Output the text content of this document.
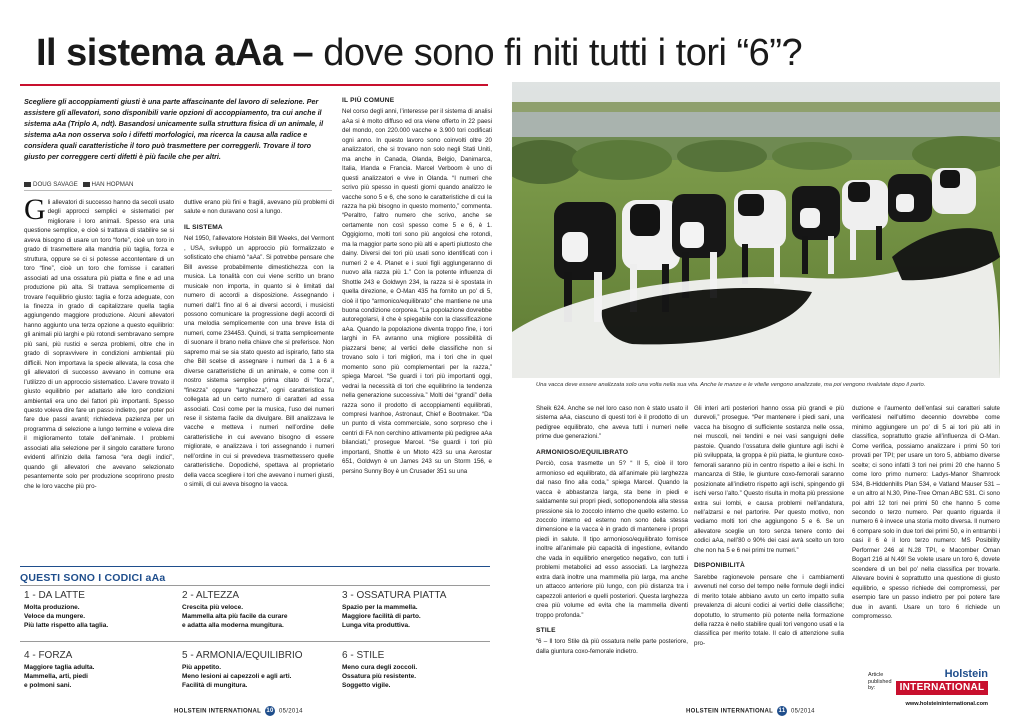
Il sistema aAa – dove sono fi niti tutti i tori “6”?
Scegliere gli accoppiamenti giusti è una parte affascinante del lavoro di selezione. Per assistere gli allevatori, sono disponibili varie opzioni di accoppiamento, tra cui anche il sistema aAa (Triplo A, ndt). Basandosi unicamente sulla struttura fisica di un animale, il sistema aAa non osserva solo i difetti morfologici, ma ricerca la causa alla radice e considera quali caratteristiche il toro può trasmettere per correggerli. Trovare il toro giusto per correggere certi difetti è più facile che per altri.
DOUG SAVAGE HAN HOPMAN
Gli allevatori di successo hanno da secoli usato degli approcci semplici e sistematici per migliorare i loro animali. Spesso era una questione semplice, e cioè si trattava di stabilire se si aveva bisogno di usare un toro “forte”, cioè un toro in grado di trasmettere alla mandria più taglia, forza e struttura, oppure se ci si potesse accontentare di un toro “fine”, cioè un toro che fornisse i caratteri associati ad una ossatura più piatta e fine e ad una produzione più alta. Si trattava semplicemente di trovare l’equilibrio giusto: taglia e forza adeguate, con la finezza in grado di capitalizzare quella taglia aggiungendo maggiore produzione. Alcuni allevatori hanno aggiunto una terza opzione a questo equilibrio: gli animali più larghi e più rotondi sembravano sempre più sani, più rustici e senza problemi, oltre che in grado di sopravvivere in condizioni ambientali più difficili. Non importava la specie allevata, la cosa che gli allevatori di successo avevano in comune era l’utilizzo di un approccio sistematico. L’avere trovato il giusto equilibrio per adattarlo alle loro condizioni ambientali era uno dei fattori più importanti. Spesso questo voleva dire fare un passo indietro, per poter poi fare due passi avanti; richiedeva pazienza per un programma di selezione a lungo termine e voleva dire il miglioramento totale dell’animale. I problemi associati alla selezione per il singolo carattere furono evidenti all’inizio della famosa “era degli indici”, quando gli allevatori che avevano selezionato pesantemente solo per produzione scoprirono presto che le loro vacche più pro-

duttive erano più fini e fragili, avevano più problemi di salute e non duravano così a lungo.

IL SISTEMA

Nel 1950, l’allevatore Holstein Bill Weeks, del Vermont , USA, sviluppò un approccio più formalizzato e sofisticato che chiamò “aAa”. Si potrebbe pensare che Bill avesse probabilmente dimestichezza con la musica. La tonalità con cui viene scritto un brano musicale non importa, in quanto si è limitati dal numero di accordi a disposizione. Assegnando i numeri dall’1 fino al 6 ai diversi accordi, i musicisti possono comunicare la progressione degli accordi di una melodia semplicemente con una breve lista di numeri, come 234453. Quindi, si tratta semplicemente di suonare il brano nella chiave che si preferisce. Non sapremo mai se sia stato questo ad ispirarlo, fatto sta che Bill scelse di assegnare i numeri da 1 a 6 a diverse caratteristiche di un animale, e come con il nostro sistema semplice prima citato di “forza”, “finezza” oppure “larghezza”, ogni caratteristica fu collegata ad un certo numero di caratteri ad essa associati. Così come per la musica, l’uso dei numeri rese il sistema facile da divulgare. Bill analizzava le vacche e metteva i numeri nell’ordine delle caratteristiche in cui avevano bisogno di essere migliorate, e analizzava i tori assegnando i numeri nell’ordine in cui si prevedeva trasmettessero quelle caratteristiche. Dopodiché, spettava al proprietario della vacca scegliere i tori che avevano i numeri giusti, o simili, di cui aveva bisogno la vacca.

IL PIÙ COMUNE

Nel corso degli anni, l’interesse per il sistema di analisi aAa si è molto diffuso ed ora viene offerto in 22 paesi del mondo, con 220.000 vacche e 3.900 tori codificati ogni anno. In questo lavoro sono coinvolti oltre 20 analizzatori, che si trovano non solo negli Stati Uniti, ma anche in Canada, Olanda, Belgio, Danimarca, Italia, Irlanda e Francia. Marcel Verboom è uno di questi analizzatori e vive in Olanda. “I numeri che scrivo più spesso in questi giorni quando analizzo le vacche sono 5 e 6, che sono le caratteristiche di cui la razza ha più bisogno in questo momento,” commenta. “Peraltro, l’altro numero che scrivo, anche se certamente non così spesso come 5 e 6, è 1. Oggigiorno, molti tori sono più angolosi che rotondi, ma la maggior parte sono più alti e aperti piuttosto che dainy. Diversi dei tori più usati sono identificati con i numeri 2 e 4. Planet e i suoi figli agglungeranno di nuovo alla razza più 1.” Con la potente influenza di Shottle 243 e Goldwyn 234, la razza si è spostata in quella direzione, e O-Man 435 ha fornito un po’ di 5, cioè il tipo “armonico/equilibrato” che mantiene ne una buona condizione corporea. “La popolazione dovrebbe autoregolarsi, il che è spiegabile con la classificazione aAa. Quando la popolazione diventa troppo fine, i tori larghi in FA avranno una migliore possibilità di piazzarsi bene; al vertici delle classifiche non si trovano solo i tori migliori, ma i tori che in quel momento sono più complementari per la razza,” spiega Marcel. “Se guardi i tori più importanti oggi, vedrai la necessità di tori che equilibrino la tendenza nella generazione successiva.” Molti dei “grandi” della razza sono il prodotto di accoppiamenti equilibrati, compresi Ivanhoe, Astronaut, Chief e Bootmaker. “Da un punto di vista commerciale, sono sorpreso che i centri di FA non cerchino attivamente più pedigree aAa bilanciati,” prosegue Marcel. “Se guardi i tori più importanti, Shottle è un Mtoto 423 su una Aerostar 651, Goldwyn è un James 243 su un Storm 156, e persino Sunny Boy è un Crusader 351 su una

QUESTI SONO I CODICI aAa
1 - DA LATTE
Molta produzione.
Veloce da mungere.
Più latte rispetto alla taglia.
2 - ALTEZZA
Crescita più veloce.
Mammella alta più facile da curare
e adatta alla moderna mungitura.
3 - OSSATURA PIATTA
Spazio per la mammella.
Maggiore facilità di parto.
Lunga vita produttiva.
4 - FORZA
Maggiore taglia adulta.
Mammella, arti, piedi
e polmoni sani.
5 - ARMONIA/EQUILIBRIO
Più appetito.
Meno lesioni ai capezzoli e agli arti.
Facilità di mungitura.
6 - STILE
Meno cura degli zoccoli.
Ossatura più resistente.
Soggetto vigile.
HOLSTEIN INTERNATIONAL 10 05/2014
Una vacca deve essere analizzata solo una volta nella sua vita. Anche le manze e le vitelle vengono analizzate, ma poi vengono rivalutate dopo il parto.

Sheik 624. Anche se nel loro caso non è stato usato il sistema aAa, ciascuno di questi tori è il prodotto di un pedigree equilibrato, che aveva tutti i numeri nelle prime due generazioni.”

ARMONIOSO/EQUILIBRATO

Perciò, cosa trasmette un 5? “ Il 5, cioè il toro armonioso ed equilibrato, dà all’animale più larghezza dal naso fino alla coda,” spiega Marcel. Quando la vacca è abbastanza larga, sta bene in piedi e saldamente sui propri piedi, sottoponendola alla stessa pressione sia lo zoccolo interno che quello esterno. Lo zoccolo interno ed esterno non sono della stessa dimensione e la vacca è in grado di mantenere i propri piedi in salute. Il tipo armonioso/equilibrato fornisce inoltre all’animale più capacità di ingestione, evitando che vada in equilibrio energetico negativo, con tutti i problemi metabolici ad esso associati. La larghezza extra darà inoltre una mammella più larga, ma anche un attacco anteriore più lungo, con più distanza tra i capezzoli anteriori e quelli posteriori. Questa larghezza crea più volume ed evita che la mammella diventi troppo profonda.”

STILE

“6 – Il toro Stile dà più ossatura nelle parte posteriore, dalla giuntura coxo-femorale indietro.

Gli interi arti posteriori hanno ossa più grandi e più durevoli,” prosegue. “Per mantenere i piedi sani, una vacca ha bisogno di sufficiente sostanza nelle ossa, nei muscoli, nei tendini e nei vasi sanguigni delle pastoie. Quando l’ossatura delle giunture agli ischi è più sviluppata, la groppa è più piatta, le giunture coxo-femorali saranno più in centro rispetto a ilei e ischi. In mancanza di Stile, le giunture coxo-femorali saranno posizionate all’indietro rispetto agli ischi, spingendo gli ischi verso l’alto.” Questo risulta in molta più pressione extra sui lombi, e causa problemi nell’andatura, nell’alzarsi e nel partorire. Per questo motivo, non vediamo molti tori che aggiungono 5 e 6. Se un allevatore sceglie un toro senza tenere conto dei codici aAa, nell’80 o 90% dei casi avrà scelto un toro che non ha 5 e 6 nei primi tre numeri.”

DISPONIBILITÀ

Sarebbe ragionevole pensare che i cambiamenti avvenuti nel corso del tempo nelle formule degli indici di merito totale abbiano avuto un certo impatto sulla prevalenza di alcuni codici ai vertici delle classifiche; dopotutto, lo strumento più potente nella formazione della razza è nello stabilire quali tori vengono usati e la classifica per merito totale. Il calo di attenzione sulla pro-

duzione e l’aumento dell’enfasi sui caratteri salute verificatesi nell’ultimo decennio dovrebbe come minimo aggiungere un po’ di 5 ai tori più alti in classifica, soprattutto grazie all’influenza di O-Man. Come verifica, possiamo analizzare i primi 50 tori provati per TPI; per usare un toro 5, abbiamo diverse scelte; ci sono infatti 3 tori nei primi 20 che hanno 5 come loro primo numero: Ladys-Manor Shamrock 534, B-Hiddenhills Plan 534, e Vatland Mauser 531 – e un altro al N.30, Pine-Tree Oman ABC 531. Ci sono poi altri 12 tori nei primi 50 che hanno 5 come secondo o terzo numero. Per quanto riguarda il numero 6 è invece una storia molto diversa. Il numero 6 compare solo in due tori dei primi 50, e in entrambi i casi il 6 è il loro terzo numero: MS Posibility Performer 246 al N.28 TPI, e Macomber Oman Bogart 216 al N.49! Se volete usare un toro 6, dovete scendere di un bel po’ nella classifica per trovarle. Allevare bovini è soprattutto una questione di giusto equilibrio, e spesso richiede dei compromessi, per esempio fare un passo indietro per poi potere fare due in avanti. Usare un toro 6 richiede un compromesso.

Article published by:
Holstein
INTERNATIONAL
www.holsteininternational.com
HOLSTEIN INTERNATIONAL 11 05/2014
